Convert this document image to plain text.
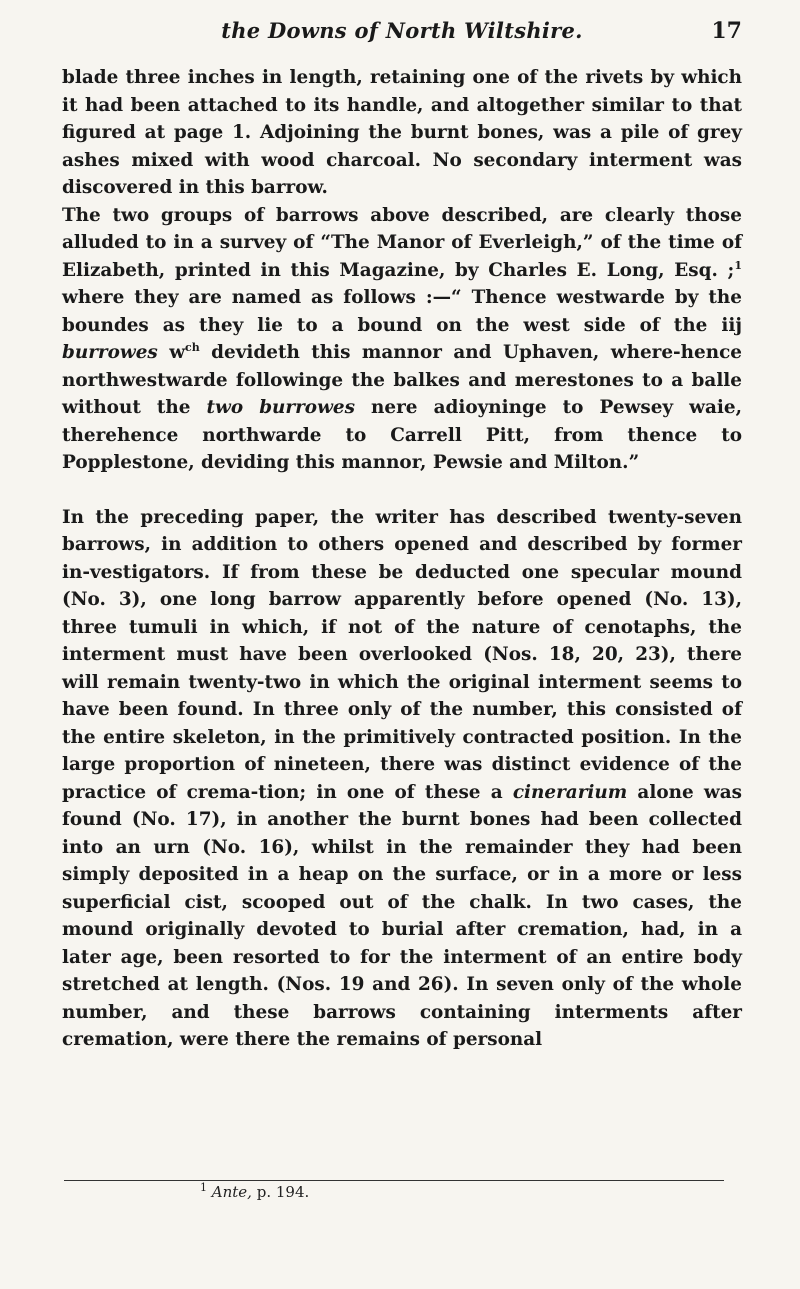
the Downs of North Wiltshire.	17

blade three inches in length, retaining one of the rivets by which it had been attached to its handle, and altogether similar to that figured at page 1. Adjoining the burnt bones, was a pile of grey ashes mixed with wood charcoal. No secondary interment was discovered in this barrow.

The two groups of barrows above described, are clearly those alluded to in a survey of “The Manor of Everleigh,” of the time of Elizabeth, printed in this Magazine, by Charles E. Long, Esq. ;$^1$ where they are named as follows :—“ Thence westwarde by the boundes as they lie to a bound on the west side of the iij burrowes $w^{ch}$ devideth this mannor and Uphaven, where-hence northwestwarde followinge the balkes and merestones to a balle without the two burrowes nere adioyninge to Pewsey waie, therehence northwarde to Carrell Pitt, from thence to Popplestone, deviding this mannor, Pewsie and Milton.”

In the preceding paper, the writer has described twenty-seven barrows, in addition to others opened and described by former in-vestigators. If from these be deducted one specular mound (No. 3), one long barrow apparently before opened (No. 13), three tumuli in which, if not of the nature of cenotaphs, the interment must have been overlooked (Nos. 18, 20, 23), there will remain twenty-two in which the original interment seems to have been found. In three only of the number, this consisted of the entire skeleton, in the primitively contracted position. In the large proportion of nineteen, there was distinct evidence of the practice of crema-tion; in one of these a cinerarium alone was found (No. 17), in another the burnt bones had been collected into an urn (No. 16), whilst in the remainder they had been simply deposited in a heap on the surface, or in a more or less superficial cist, scooped out of the chalk. In two cases, the mound originally devoted to burial after cremation, had, in a later age, been resorted to for the interment of an entire body stretched at length. (Nos. 19 and 26). In seven only of the whole number, and these barrows containing interments after cremation, were there the remains of personal

$^1$ Ante, p. 194.
